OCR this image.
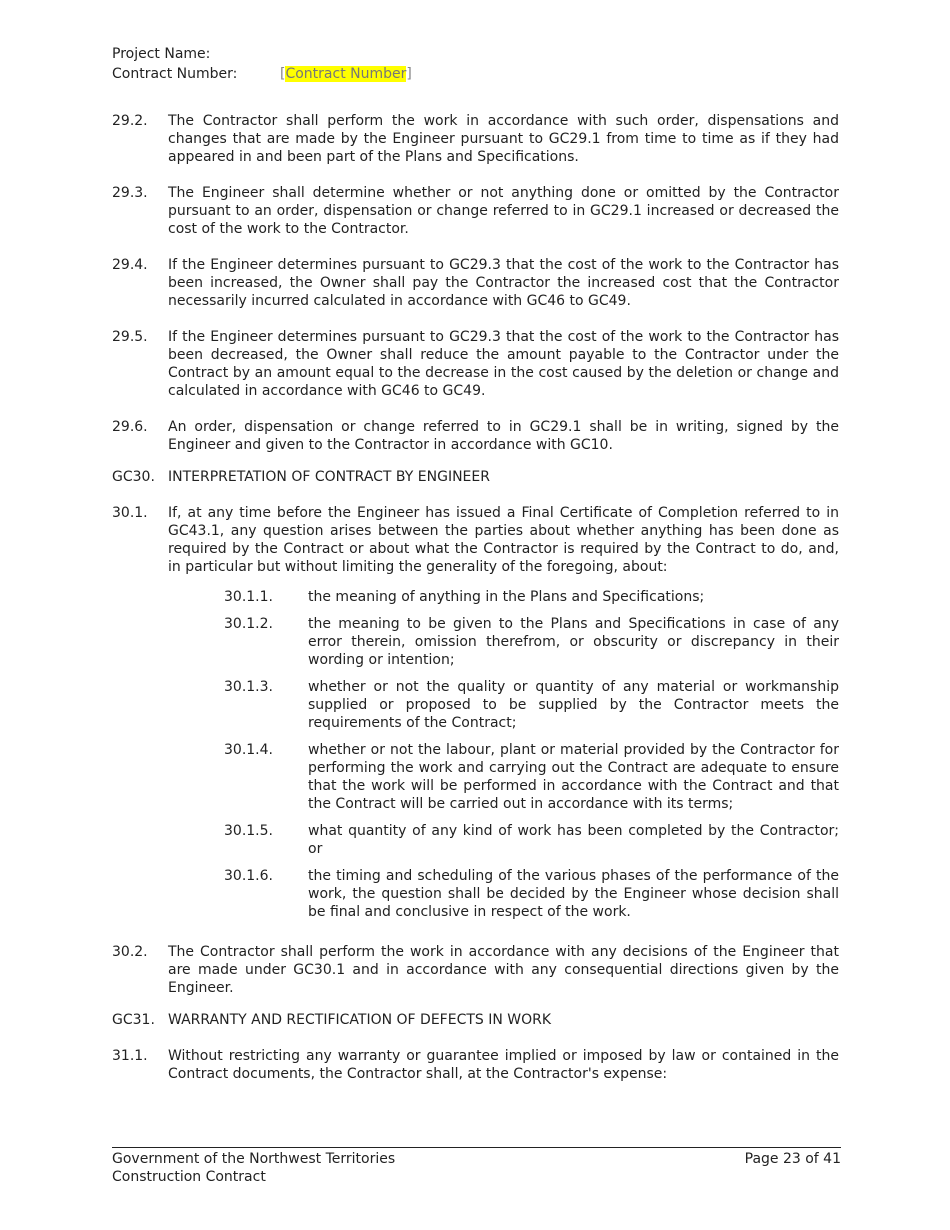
Project Name:
Contract Number:	[Contract Number]
29.2.	The Contractor shall perform the work in accordance with such order, dispensations and changes that are made by the Engineer pursuant to GC29.1 from time to time as if they had appeared in and been part of the Plans and Specifications.
29.3.	The Engineer shall determine whether or not anything done or omitted by the Contractor pursuant to an order, dispensation or change referred to in GC29.1 increased or decreased the cost of the work to the Contractor.
29.4.	If the Engineer determines pursuant to GC29.3 that the cost of the work to the Contractor has been increased, the Owner shall pay the Contractor the increased cost that the Contractor necessarily incurred calculated in accordance with GC46 to GC49.
29.5.	If the Engineer determines pursuant to GC29.3 that the cost of the work to the Contractor has been decreased, the Owner shall reduce the amount payable to the Contractor under the Contract by an amount equal to the decrease in the cost caused by the deletion or change and calculated in accordance with GC46 to GC49.
29.6.	An order, dispensation or change referred to in GC29.1 shall be in writing, signed by the Engineer and given to the Contractor in accordance with GC10.
GC30. INTERPRETATION OF CONTRACT BY ENGINEER
30.1.	If, at any time before the Engineer has issued a Final Certificate of Completion referred to in GC43.1, any question arises between the parties about whether anything has been done as required by the Contract or about what the Contractor is required by the Contract to do, and, in particular but without limiting the generality of the foregoing, about:
30.1.1.	the meaning of anything in the Plans and Specifications;
30.1.2.	the meaning to be given to the Plans and Specifications in case of any error therein, omission therefrom, or obscurity or discrepancy in their wording or intention;
30.1.3.	whether or not the quality or quantity of any material or workmanship supplied or proposed to be supplied by the Contractor meets the requirements of the Contract;
30.1.4.	whether or not the labour, plant or material provided by the Contractor for performing the work and carrying out the Contract are adequate to ensure that the work will be performed in accordance with the Contract and that the Contract will be carried out in accordance with its terms;
30.1.5.	what quantity of any kind of work has been completed by the Contractor; or
30.1.6.	the timing and scheduling of the various phases of the performance of the work, the question shall be decided by the Engineer whose decision shall be final and conclusive in respect of the work.
30.2.	The Contractor shall perform the work in accordance with any decisions of the Engineer that are made under GC30.1 and in accordance with any consequential directions given by the Engineer.
GC31. WARRANTY AND RECTIFICATION OF DEFECTS IN WORK
31.1.	Without restricting any warranty or guarantee implied or imposed by law or contained in the Contract documents, the Contractor shall, at the Contractor's expense:
Government of the Northwest Territories
Construction Contract
Page 23 of 41
